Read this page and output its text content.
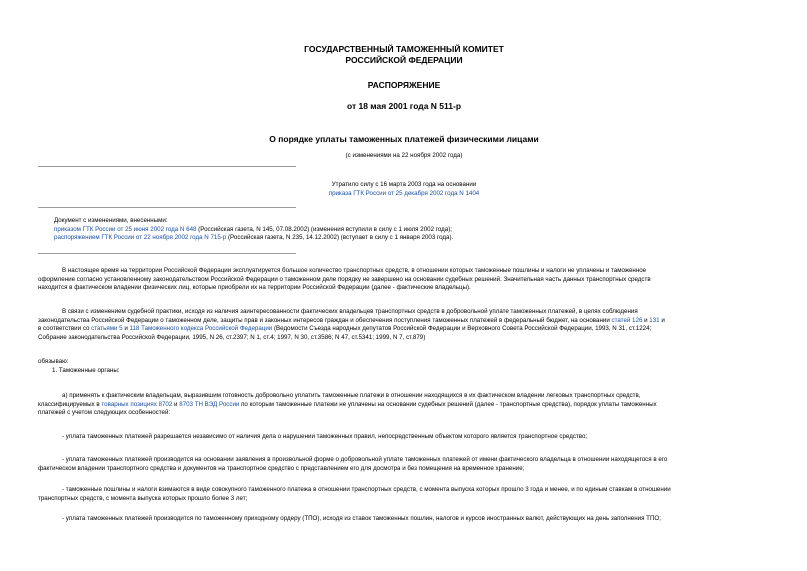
ГОСУДАРСТВЕННЫЙ ТАМОЖЕННЫЙ КОМИТЕТ
РОССИЙСКОЙ ФЕДЕРАЦИИ
РАСПОРЯЖЕНИЕ
от 18 мая 2001 года N 511-р
О порядке уплаты таможенных платежей физическими лицами
(с изменениями на 22 ноября 2002 года)
Утратило силу с 16 марта 2003 года на основании
приказа ГТК России от 25 декабря 2002 года N 1404
Документ с изменениями, внесенными:
приказом ГТК России от 25 июня 2002 года N 648 (Российская газета, N 145, 07.08.2002) (изменения вступили в силу с 1 июля 2002 года);
распоряжением ГТК России от 22 ноября 2002 года N 715-р (Российская газета, N 235, 14.12.2002) (вступает в силу с 1 января 2003 года).
В настоящее время на территории Российской Федерации эксплуатируется большое количество транспортных средств, в отношении которых таможенные пошлины и налоги не уплачены и таможенное
оформление согласно установленному законодательством Российской Федерации о таможенном деле порядку не завершено на основании судебных решений. Значительная часть данных транспортных средств
находится в фактическом владении физических лиц, которые приобрели их на территории Российской Федерации (далее - фактические владельцы).
В связи с изменением судебной практики, исходя из наличия заинтересованности фактических владельцев транспортных средств в добровольной уплате таможенных платежей, в целях соблюдения
законодательства Российской Федерации о таможенном деле, защиты прав и законных интересов граждан и обеспечения поступления таможенных платежей в федеральный бюджет, на основании статей 126 и 131 и
в соответствии со статьями 5 и 118 Таможенного кодекса Российской Федерации (Ведомости Съезда народных депутатов Российской Федерации и Верховного Совета Российской Федерации, 1993, N 31, ст.1224;
Собрание законодательства Российской Федерации, 1995, N 26, ст.2397; N 1, ст.4; 1997, N 30, ст.3586; N 47, ст.5341; 1999, N 7, ст.879)
обязываю:
1. Таможенные органы:
а) применять к фактическим владельцам, выразившим готовность добровольно уплатить таможенные платежи в отношении находящихся в их фактическом владении легковых транспортных средств,
классифицируемых в товарных позициях 8702 и 8703 ТН ВЭД России по которым таможенные платежи не уплачены на основании судебных решений (далее - транспортные средства), порядок уплаты таможенных
платежей с учетом следующих особенностей:
- уплата таможенных платежей разрешается независимо от наличия дела о нарушении таможенных правил, непосредственным объектом которого является транспортное средство;
- уплата таможенных платежей производится на основании заявления в произвольной форме о добровольной уплате таможенных платежей от имени фактического владельца в отношении находящегося в его
фактическом владении транспортного средства и документов на транспортное средство с представлением его для досмотра и без помещения на временное хранение;
- таможенные пошлины и налоги взимаются в виде совокупного таможенного платежа в отношении транспортных средств, с момента выпуска которых прошло 3 года и менее, и по единым ставкам в отношении
транспортных средств, с момента выпуска которых прошло более 3 лет;
- уплата таможенных платежей производится по таможенному приходному ордеру (ТПО), исходя из ставок таможенных пошлин, налогов и курсов иностранных валют, действующих на день заполнения ТПО;
